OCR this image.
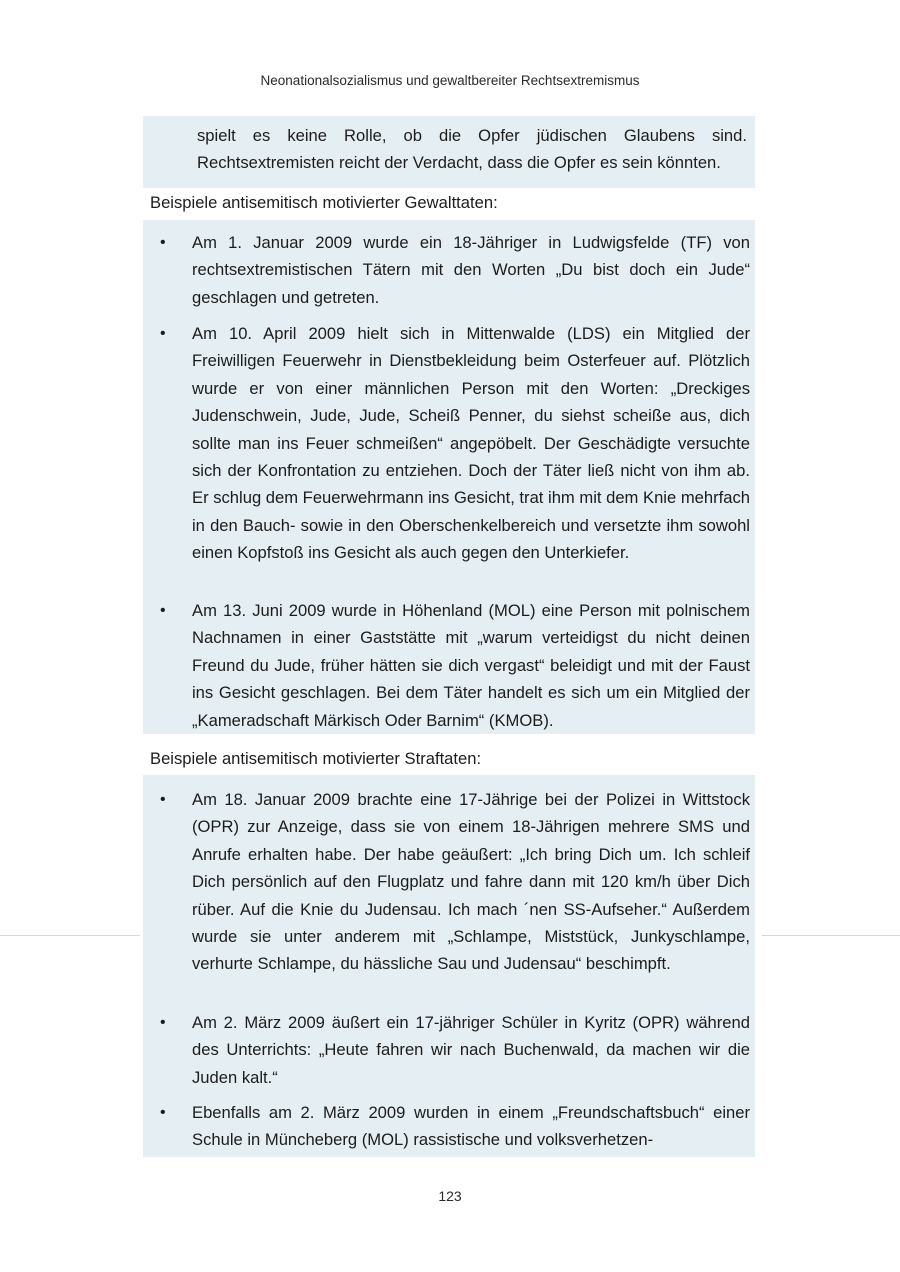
Neonationalsozialismus und gewaltbereiter Rechtsextremismus
spielt es keine Rolle, ob die Opfer jüdischen Glaubens sind. Rechtsextremisten reicht der Verdacht, dass die Opfer es sein könnten.
Beispiele antisemitisch motivierter Gewalttaten:
•	Am 1. Januar 2009 wurde ein 18-Jähriger in Ludwigsfelde (TF) von rechtsextremistischen Tätern mit den Worten „Du bist doch ein Jude“ geschlagen und getreten.
•	Am 10. April 2009 hielt sich in Mittenwalde (LDS) ein Mitglied der Freiwilligen Feuerwehr in Dienstbekleidung beim Osterfeuer auf. Plötzlich wurde er von einer männlichen Person mit den Worten: „Dreckiges Judenschwein, Jude, Jude, Scheiß Penner, du siehst scheiße aus, dich sollte man ins Feuer schmeißen“ angepöbelt. Der Geschädigte versuchte sich der Konfrontation zu entziehen. Doch der Täter ließ nicht von ihm ab. Er schlug dem Feuerwehrmann ins Gesicht, trat ihm mit dem Knie mehrfach in den Bauch- sowie in den Oberschenkelbereich und versetzte ihm sowohl einen Kopfstoß ins Gesicht als auch gegen den Unterkiefer.
•	Am 13. Juni 2009 wurde in Höhenland (MOL) eine Person mit polnischem Nachnamen in einer Gaststätte mit „warum verteidigst du nicht deinen Freund du Jude, früher hätten sie dich vergast“ beleidigt und mit der Faust ins Gesicht geschlagen. Bei dem Täter handelt es sich um ein Mitglied der „Kameradschaft Märkisch Oder Barnim“ (KMOB).
Beispiele antisemitisch motivierter Straftaten:
•	Am 18. Januar 2009 brachte eine 17-Jährige bei der Polizei in Wittstock (OPR) zur Anzeige, dass sie von einem 18-Jährigen mehrere SMS und Anrufe erhalten habe. Der habe geäußert: „Ich bring Dich um. Ich schleif Dich persönlich auf den Flugplatz und fahre dann mit 120 km/h über Dich rüber. Auf die Knie du Judensau. Ich mach ´nen SS-Aufseher.“ Außerdem wurde sie unter anderem mit „Schlampe, Miststück, Junkyschlampe, verhurte Schlampe, du hässliche Sau und Judensau“ beschimpft.
•	Am 2. März 2009 äußert ein 17-jähriger Schüler in Kyritz (OPR) während des Unterrichts: „Heute fahren wir nach Buchenwald, da machen wir die Juden kalt.“
•	Ebenfalls am 2. März 2009 wurden in einem „Freundschaftsbuch“ einer Schule in Müncheberg (MOL) rassistische und volksverhetzen-
123
